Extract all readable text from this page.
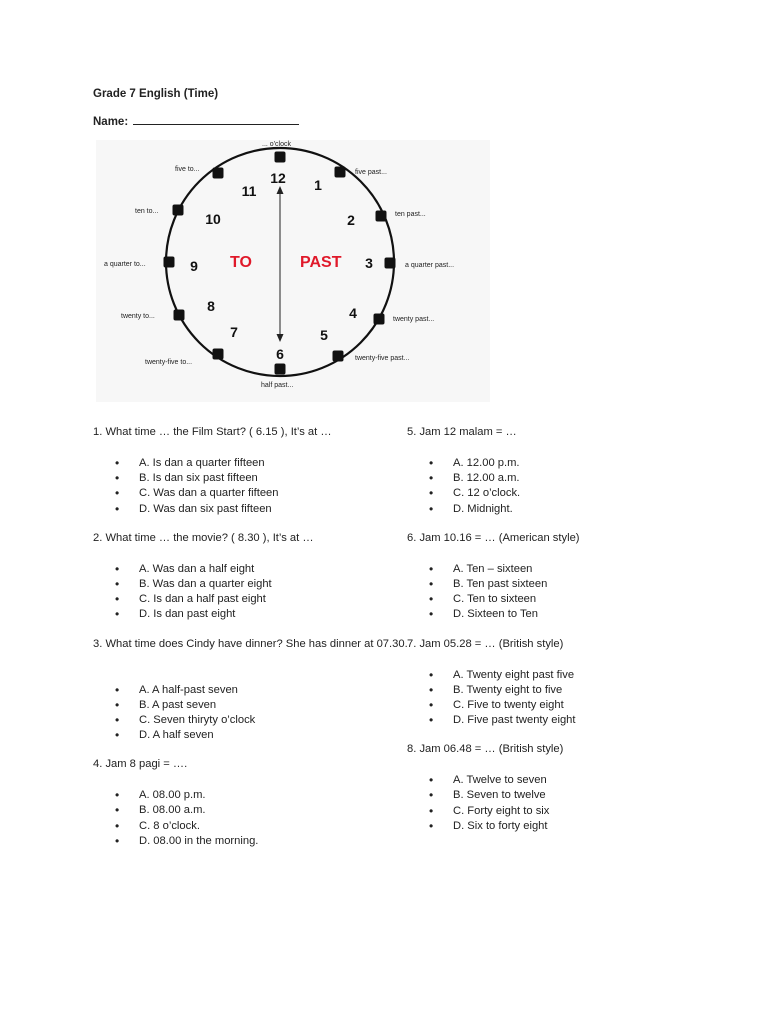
Grade 7 English (Time)
Name:
TO	PAST
12 1
2
3
4
5
6
7
8
9
10
11
... o'clock
five past...
ten past...
a quarter past...
twenty past...
twenty-five past...
half past...
twenty-five to...
twenty to...
a quarter to...
ten to...
five to...

1. What time … the Film Start? ( 6.15 ), It’s at …

• A. Is dan a quarter fifteen
• B. Is dan six past fifteen
• C. Was dan a quarter fifteen
• D. Was dan six past fifteen

2. What time … the movie? ( 8.30 ), It’s at …

• A. Was dan a half eight
• B. Was dan a quarter eight
• C. Is dan a half past eight
• D. Is dan past eight

3. What time does Cindy have dinner? She has dinner at 07.30.

• A. A half-past seven
• B. A past seven
• C. Seven thiryty o’clock
• D. A half seven

4. Jam 8 pagi = ….

• A. 08.00 p.m.
• B. 08.00 a.m.
• C. 8 o’clock.
• D. 08.00 in the morning.

5. Jam 12 malam = …

• A. 12.00 p.m.
• B. 12.00 a.m.
• C. 12 o’clock.
• D. Midnight.

6. Jam 10.16 = … (American style)

• A. Ten – sixteen
• B. Ten past sixteen
• C. Ten to sixteen
• D. Sixteen to Ten

7. Jam 05.28 = … (British style)

• A. Twenty eight past five
• B. Twenty eight to five
• C. Five to twenty eight
• D. Five past twenty eight

8. Jam 06.48 = … (British style)

• A. Twelve to seven
• B. Seven to twelve
• C. Forty eight to six
• D. Six to forty eight
